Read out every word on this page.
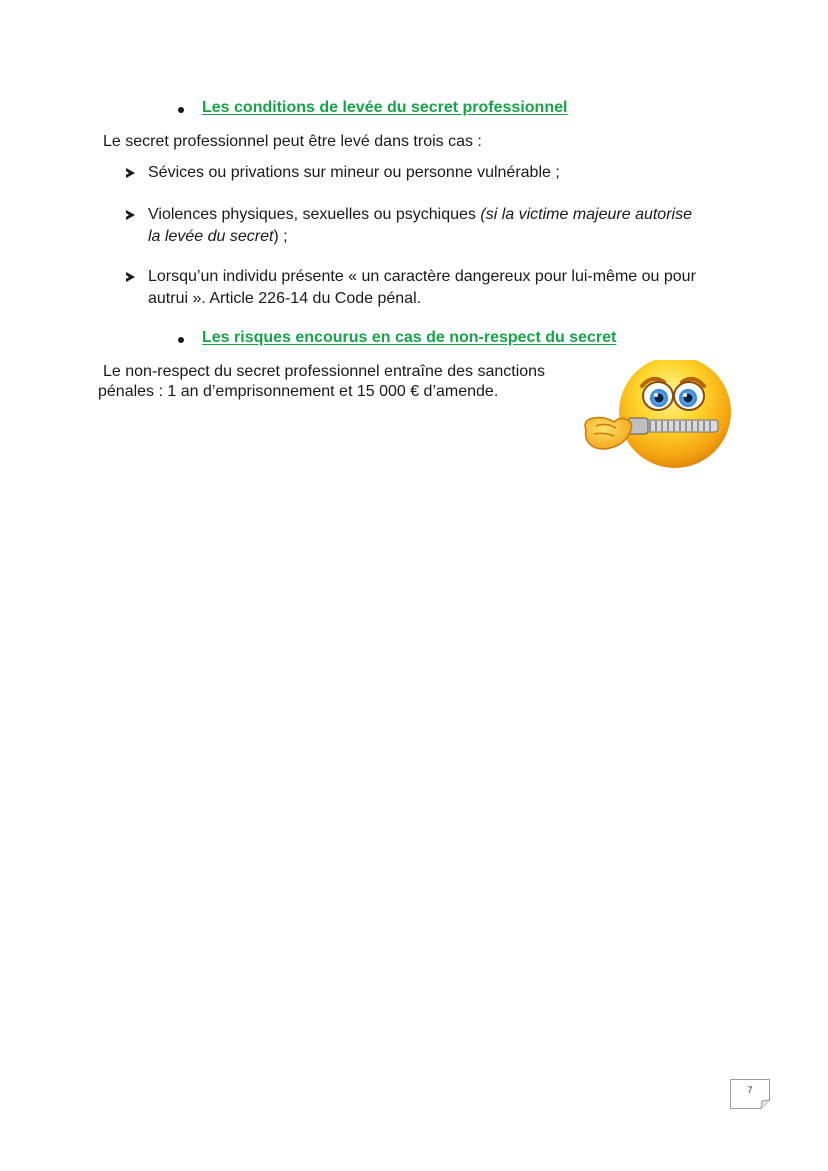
Les conditions de levée du secret professionnel
Le secret professionnel peut être levé dans trois cas :
Sévices ou privations sur mineur ou personne vulnérable ;
Violences physiques, sexuelles ou psychiques (si la victime majeure autorise
la levée du secret) ;
Lorsqu’un individu présente « un caractère dangereux pour lui-même ou pour
autrui ». Article 226-14 du Code pénal.
Les risques encourus en cas de non-respect du secret
Le non-respect du secret professionnel entraîne des sanctions
pénales : 1 an d’emprisonnement et 15 000 € d’amende.
7
